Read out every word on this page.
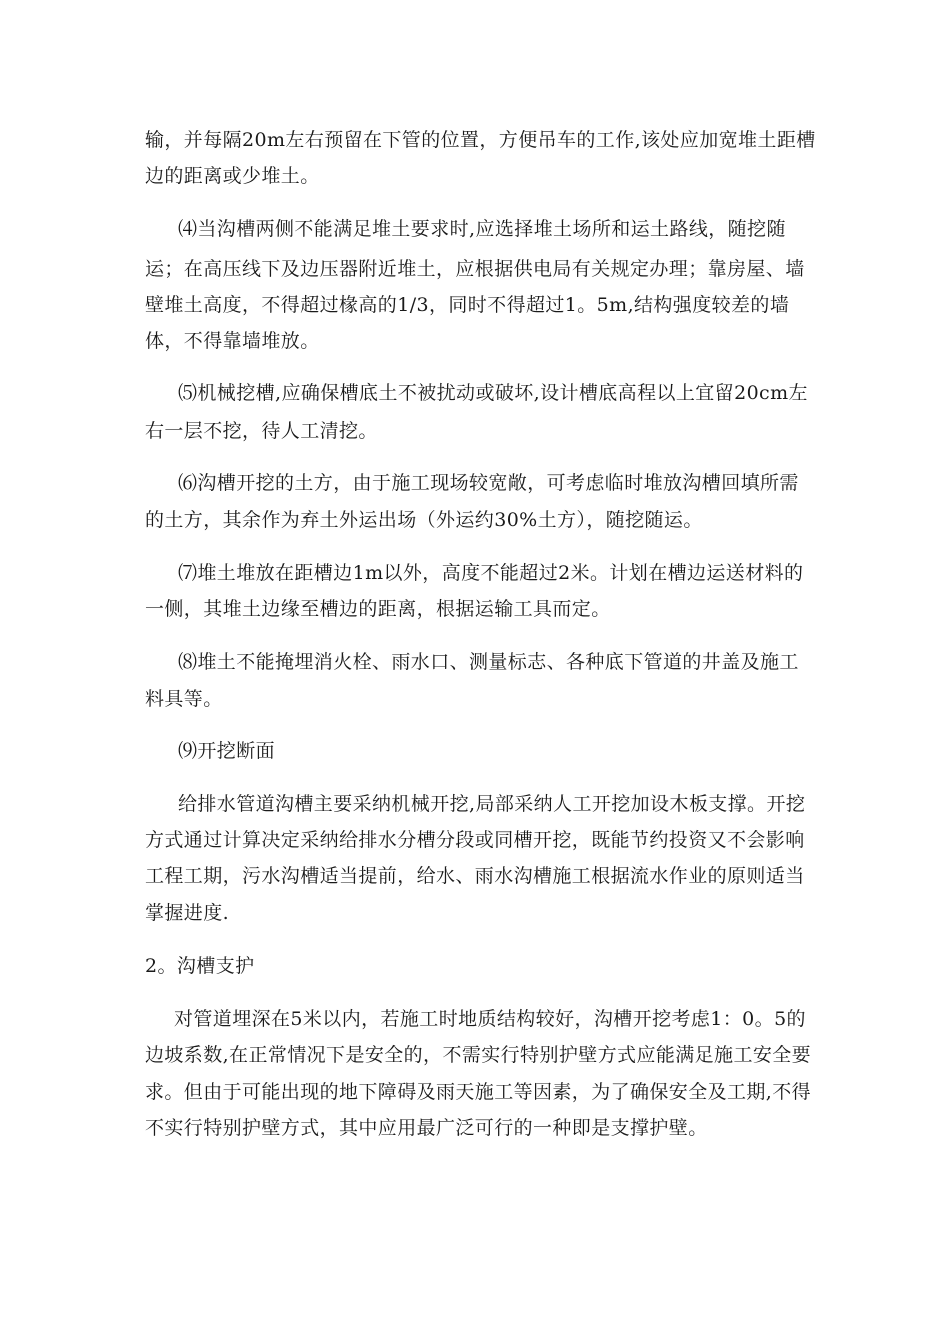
输，并每隔20m左右预留在下管的位置，方便吊车的工作,该处应加宽堆土距槽
边的距离或少堆土。
⑷当沟槽两侧不能满足堆土要求时,应选择堆土场所和运土路线，随挖随
运；在高压线下及边压器附近堆土，应根据供电局有关规定办理；靠房屋、墙
壁堆土高度，不得超过椽高的1/3，同时不得超过1。5m,结构强度较差的墙
体，不得靠墙堆放。
⑸机械挖槽,应确保槽底土不被扰动或破坏,设计槽底高程以上宜留20cm左
右一层不挖，待人工清挖。
⑹沟槽开挖的土方，由于施工现场较宽敞，可考虑临时堆放沟槽回填所需
的土方，其余作为弃土外运出场（外运约30%土方），随挖随运。
⑺堆土堆放在距槽边1m以外，高度不能超过2米。计划在槽边运送材料的
一侧，其堆土边缘至槽边的距离，根据运输工具而定。
⑻堆土不能掩埋消火栓、雨水口、测量标志、各种底下管道的井盖及施工
料具等。
⑼开挖断面
给排水管道沟槽主要采纳机械开挖,局部采纳人工开挖加设木板支撑。开挖
方式通过计算决定采纳给排水分槽分段或同槽开挖，既能节约投资又不会影响
工程工期，污水沟槽适当提前，给水、雨水沟槽施工根据流水作业的原则适当
掌握进度.
2。沟槽支护
对管道埋深在5米以内，若施工时地质结构较好，沟槽开挖考虑1：0。5的
边坡系数,在正常情况下是安全的，不需实行特别护壁方式应能满足施工安全要
求。但由于可能出现的地下障碍及雨天施工等因素，为了确保安全及工期,不得
不实行特别护壁方式，其中应用最广泛可行的一种即是支撑护壁。
